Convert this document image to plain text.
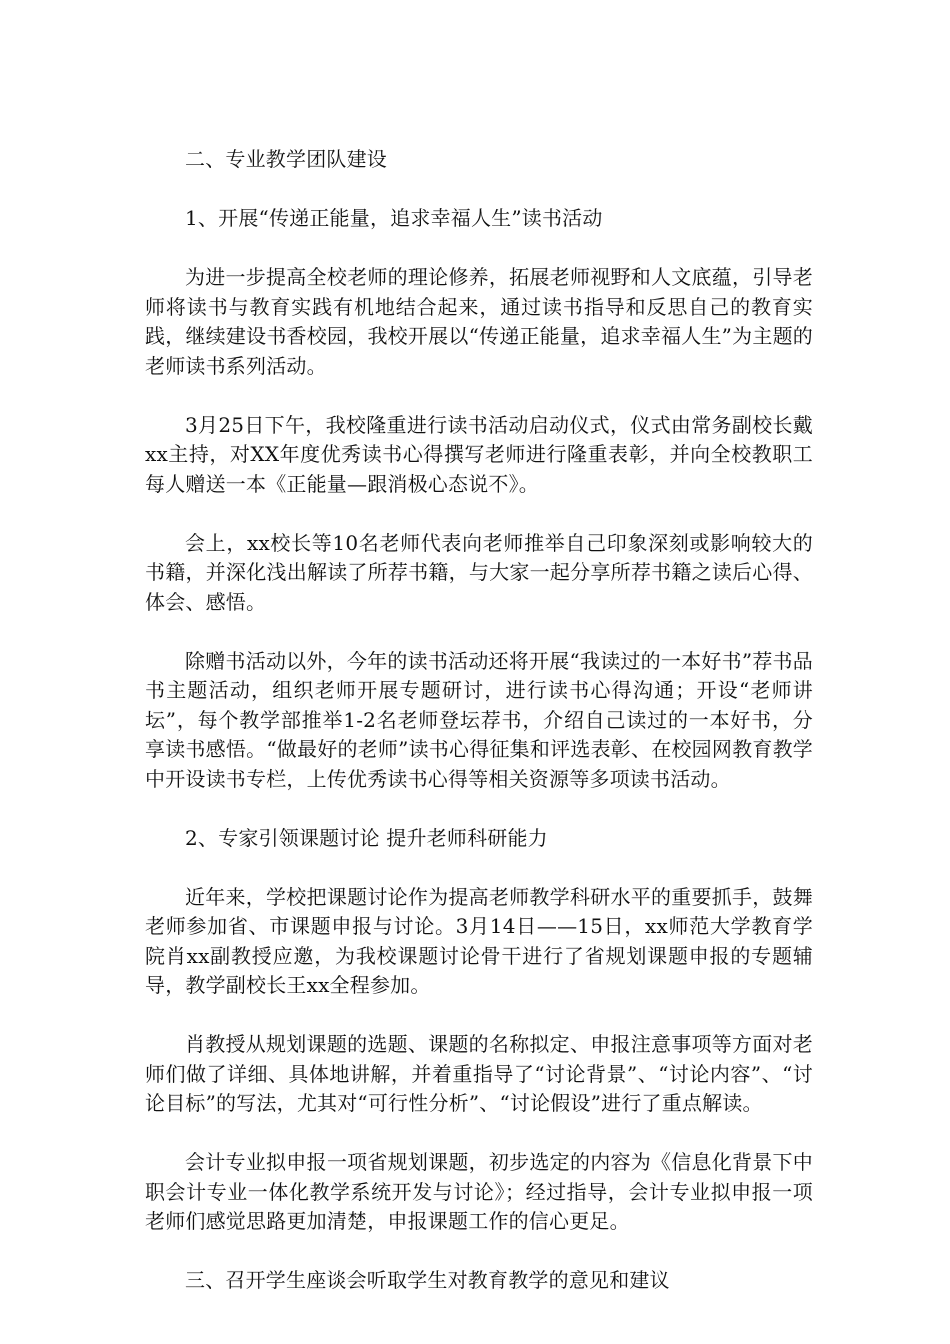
二、专业教学团队建设

1、开展“传递正能量，追求幸福人生”读书活动

为进一步提高全校老师的理论修养，拓展老师视野和人文底蕴，引导老师将读书与教育实践有机地结合起来，通过读书指导和反思自己的教育实践，继续建设书香校园，我校开展以“传递正能量，追求幸福人生”为主题的老师读书系列活动。

3月25日下午，我校隆重进行读书活动启动仪式，仪式由常务副校长戴xx主持，对XX年度优秀读书心得撰写老师进行隆重表彰，并向全校教职工每人赠送一本《正能量—跟消极心态说不》。

会上，xx校长等10名老师代表向老师推举自己印象深刻或影响较大的书籍，并深化浅出解读了所荐书籍，与大家一起分享所荐书籍之读后心得、体会、感悟。

除赠书活动以外，今年的读书活动还将开展“我读过的一本好书”荐书品书主题活动，组织老师开展专题研讨，进行读书心得沟通；开设“老师讲坛”，每个教学部推举1-2名老师登坛荐书，介绍自己读过的一本好书，分享读书感悟。“做最好的老师”读书心得征集和评选表彰、在校园网教育教学中开设读书专栏，上传优秀读书心得等相关资源等多项读书活动。

2、专家引领课题讨论 提升老师科研能力

近年来，学校把课题讨论作为提高老师教学科研水平的重要抓手，鼓舞老师参加省、市课题申报与讨论。3月14日——15日，xx师范大学教育学院肖xx副教授应邀，为我校课题讨论骨干进行了省规划课题申报的专题辅导，教学副校长王xx全程参加。

肖教授从规划课题的选题、课题的名称拟定、申报注意事项等方面对老师们做了详细、具体地讲解，并着重指导了“讨论背景”、“讨论内容”、“讨论目标”的写法，尤其对“可行性分析”、“讨论假设”进行了重点解读。

会计专业拟申报一项省规划课题，初步选定的内容为《信息化背景下中职会计专业一体化教学系统开发与讨论》；经过指导，会计专业拟申报一项老师们感觉思路更加清楚，申报课题工作的信心更足。

三、召开学生座谈会听取学生对教育教学的意见和建议
